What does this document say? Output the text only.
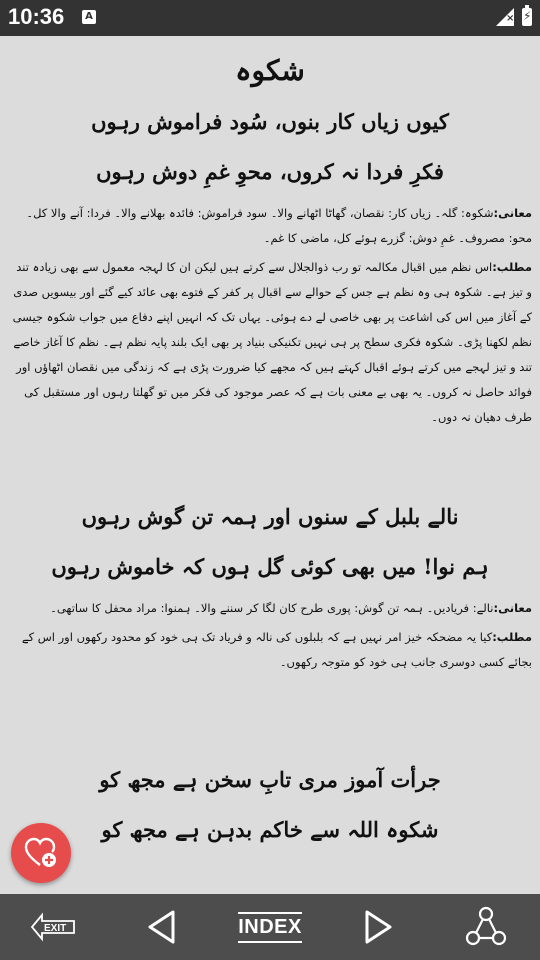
10:36	A	× ⚡
شکوہ

کیوں زیاں کار بنوں، سُود فراموش رہوں

فکرِ فردا نہ کروں، محوِ غمِ دوش رہوں

معانی:شکوہ: گلہ۔ زیاں کار: نقصان، گھاٹا اٹھانے والا۔ سود فراموش: فائدہ بھلانے والا۔ فردا: آنے والا کل۔ محو: مصروف۔ غمِ دوش: گزرے ہوئے کل، ماضی کا غم۔

مطلب:اس نظم میں اقبال مکالمہ تو رب ذوالجلال سے کرتے ہیں لیکن ان کا لہجہ معمول سے بھی زیادہ تند و تیز ہے۔ شکوہ ہی وہ نظم ہے جس کے حوالے سے اقبال پر کفر کے فتوے بھی عائد کیے گئے اور بیسویں صدی کے آغاز میں اس کی اشاعت پر بھی خاصی لے دے ہوئی۔ یہاں تک کہ انہیں اپنے دفاع میں جواب شکوہ جیسی نظم لکھنا پڑی۔ شکوہ فکری سطح پر ہی نہیں تکنیکی بنیاد پر بھی ایک بلند پایہ نظم ہے۔ نظم کا آغاز خاصے تند و تیز لہجے میں کرتے ہوئے اقبال کہتے ہیں کہ مجھے کیا ضرورت پڑی ہے کہ زندگی میں نقصان اٹھاؤں اور فوائد حاصل نہ کروں۔ یہ بھی بے معنی بات ہے کہ عصر موجود کی فکر میں تو گھلتا رہوں اور مستقبل کی طرف دھیان نہ دوں۔

نالے بلبل کے سنوں اور ہمہ تن گوش رہوں

ہم نوا! میں بھی کوئی گل ہوں کہ خاموش رہوں

معانی:نالے: فریادیں۔ ہمہ تن گوش: پوری طرح کان لگا کر سننے والا۔ ہمنوا: مراد محفل کا ساتھی۔

مطلب:کیا یہ مضحکہ خیز امر نہیں ہے کہ بلبلوں کی نالہ و فریاد تک ہی خود کو محدود رکھوں اور اس کے بجائے کسی دوسری جانب ہی خود کو متوجہ رکھوں۔

جرأت آموز مری تابِ سخن ہے مجھ کو

شکوہ اللہ سے خاکم بدہن ہے مجھ کو

EXIT	INDEX
